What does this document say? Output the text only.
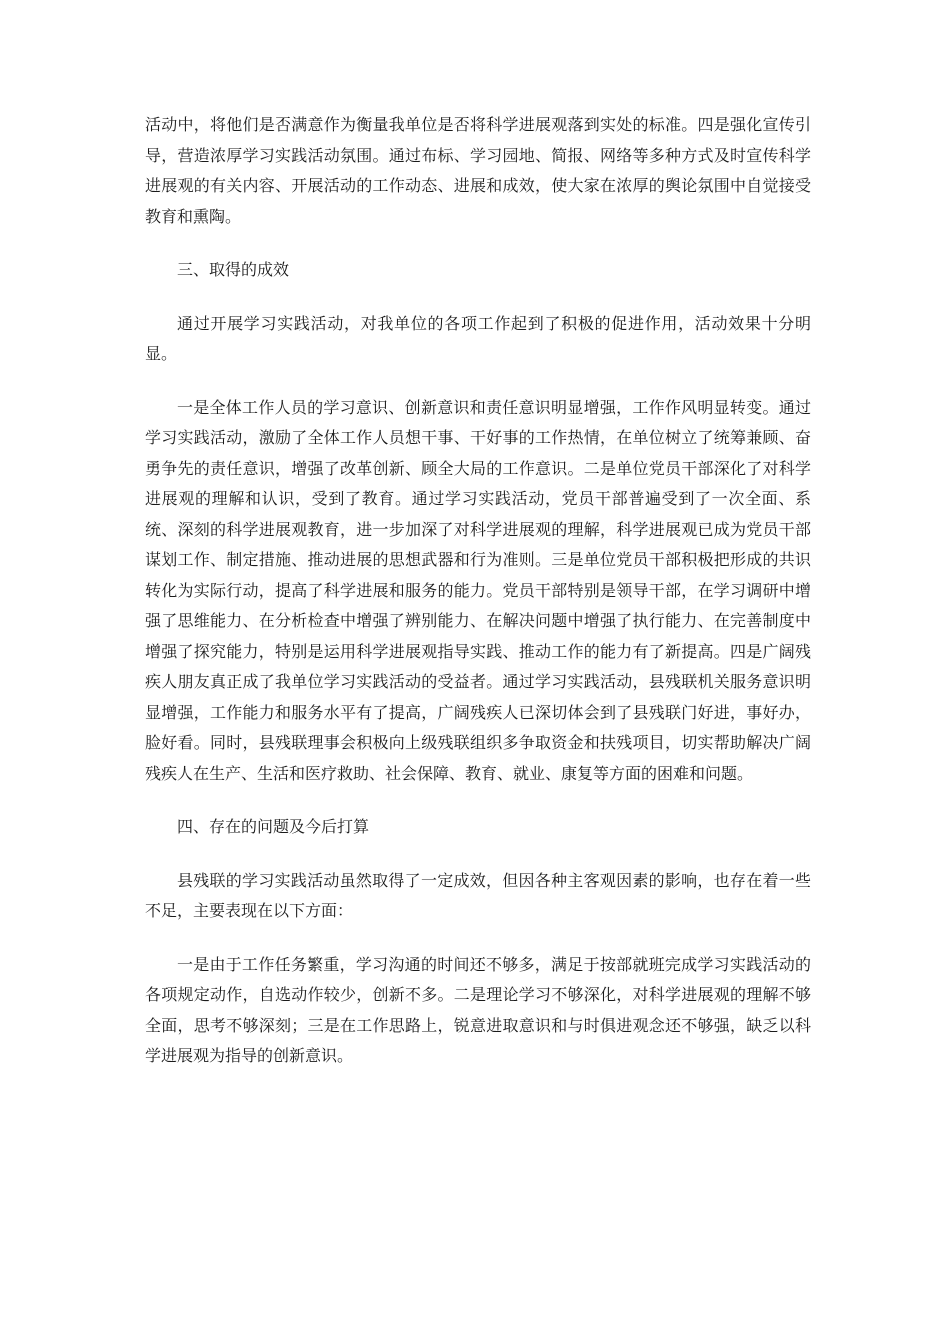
活动中，将他们是否满意作为衡量我单位是否将科学进展观落到实处的标准。四是强化宣传引导，营造浓厚学习实践活动氛围。通过布标、学习园地、简报、网络等多种方式及时宣传科学进展观的有关内容、开展活动的工作动态、进展和成效，使大家在浓厚的舆论氛围中自觉接受教育和熏陶。

三、取得的成效

通过开展学习实践活动，对我单位的各项工作起到了积极的促进作用，活动效果十分明显。

一是全体工作人员的学习意识、创新意识和责任意识明显增强，工作作风明显转变。通过学习实践活动，激励了全体工作人员想干事、干好事的工作热情，在单位树立了统筹兼顾、奋勇争先的责任意识，增强了改革创新、顾全大局的工作意识。二是单位党员干部深化了对科学进展观的理解和认识，受到了教育。通过学习实践活动，党员干部普遍受到了一次全面、系统、深刻的科学进展观教育，进一步加深了对科学进展观的理解，科学进展观已成为党员干部谋划工作、制定措施、推动进展的思想武器和行为准则。三是单位党员干部积极把形成的共识转化为实际行动，提高了科学进展和服务的能力。党员干部特别是领导干部，在学习调研中增强了思维能力、在分析检查中增强了辨别能力、在解决问题中增强了执行能力、在完善制度中增强了探究能力，特别是运用科学进展观指导实践、推动工作的能力有了新提高。四是广阔残疾人朋友真正成了我单位学习实践活动的受益者。通过学习实践活动，县残联机关服务意识明显增强，工作能力和服务水平有了提高，广阔残疾人已深切体会到了县残联门好进，事好办，脸好看。同时，县残联理事会积极向上级残联组织多争取资金和扶残项目，切实帮助解决广阔残疾人在生产、生活和医疗救助、社会保障、教育、就业、康复等方面的困难和问题。

四、存在的问题及今后打算

县残联的学习实践活动虽然取得了一定成效，但因各种主客观因素的影响，也存在着一些不足，主要表现在以下方面：

一是由于工作任务繁重，学习沟通的时间还不够多，满足于按部就班完成学习实践活动的各项规定动作，自选动作较少，创新不多。二是理论学习不够深化，对科学进展观的理解不够全面，思考不够深刻；三是在工作思路上，锐意进取意识和与时俱进观念还不够强，缺乏以科学进展观为指导的创新意识。
